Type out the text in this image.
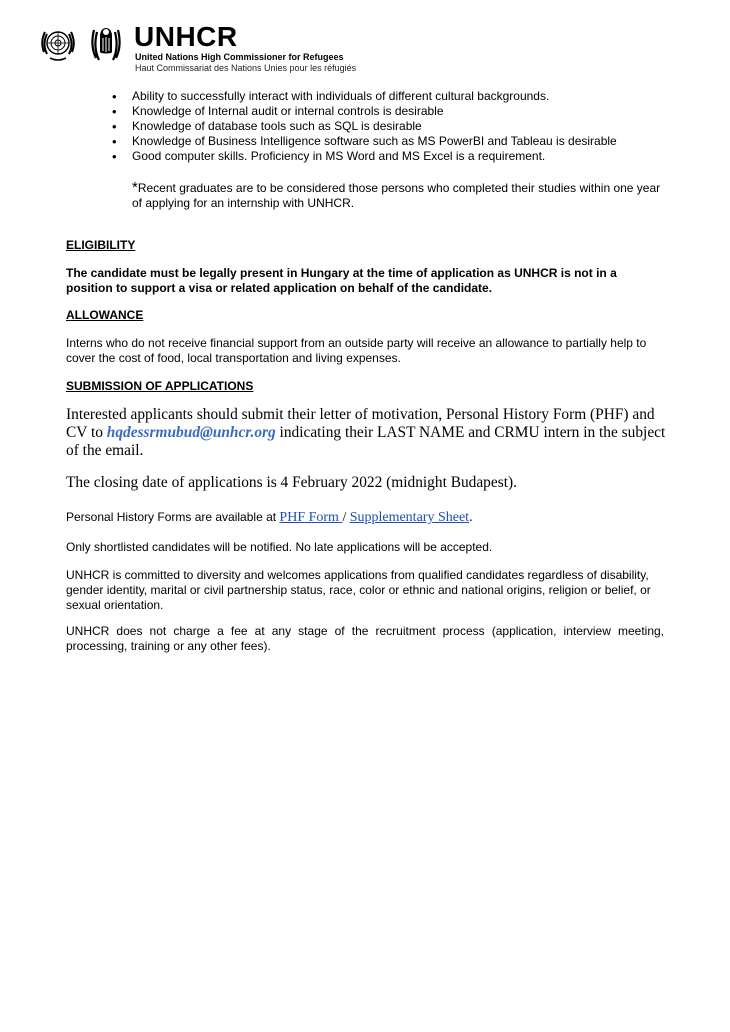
UNHCR
United Nations High Commissioner for Refugees
Haut Commissariat des Nations Unies pour les réfugiés
• Ability to successfully interact with individuals of different cultural backgrounds.
• Knowledge of Internal audit or internal controls is desirable
• Knowledge of database tools such as SQL is desirable
• Knowledge of Business Intelligence software such as MS PowerBI and Tableau is desirable
• Good computer skills. Proficiency in MS Word and MS Excel is a requirement.
*Recent graduates are to be considered those persons who completed their studies within one year of applying for an internship with UNHCR.
ELIGIBILITY
The candidate must be legally present in Hungary at the time of application as UNHCR is not in a position to support a visa or related application on behalf of the candidate.
ALLOWANCE
Interns who do not receive financial support from an outside party will receive an allowance to partially help to cover the cost of food, local transportation and living expenses.
SUBMISSION OF APPLICATIONS
Interested applicants should submit their letter of motivation, Personal History Form (PHF) and CV to hqdessrmubud@unhcr.org indicating their LAST NAME and CRMU intern in the subject of the email.
The closing date of applications is 4 February 2022 (midnight Budapest).
Personal History Forms are available at PHF Form / Supplementary Sheet.
Only shortlisted candidates will be notified. No late applications will be accepted.
UNHCR is committed to diversity and welcomes applications from qualified candidates regardless of disability, gender identity, marital or civil partnership status, race, color or ethnic and national origins, religion or belief, or sexual orientation.
UNHCR does not charge a fee at any stage of the recruitment process (application, interview meeting, processing, training or any other fees).
